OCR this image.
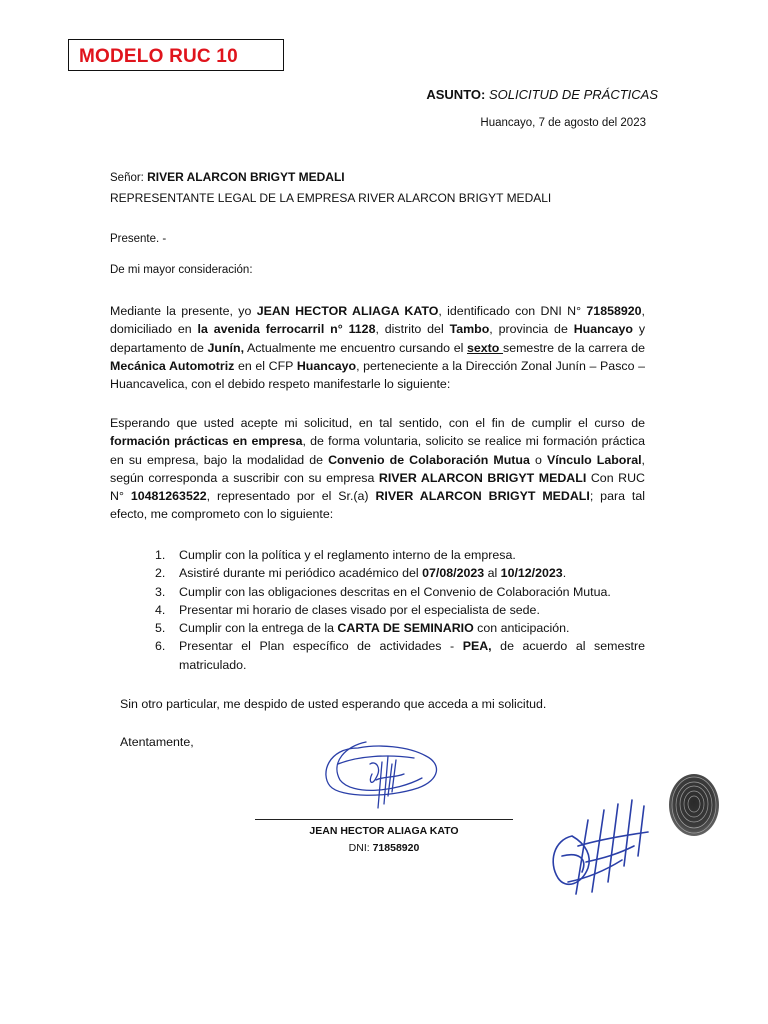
MODELO RUC 10
ASUNTO: SOLICITUD DE PRÁCTICAS
Huancayo, 7 de agosto del 2023
Señor: RIVER ALARCON BRIGYT MEDALI
REPRESENTANTE LEGAL DE LA EMPRESA RIVER ALARCON BRIGYT MEDALI
Presente. -
De mi mayor consideración:
Mediante la presente, yo JEAN HECTOR ALIAGA KATO, identificado con DNI N° 71858920, domiciliado en la avenida ferrocarril n° 1128, distrito del Tambo, provincia de Huancayo y departamento de Junín, Actualmente me encuentro cursando el sexto semestre de la carrera de Mecánica Automotriz en el CFP Huancayo, perteneciente a la Dirección Zonal Junín – Pasco – Huancavelica, con el debido respeto manifestarle lo siguiente:
Esperando que usted acepte mi solicitud, en tal sentido, con el fin de cumplir el curso de formación prácticas en empresa, de forma voluntaria, solicito se realice mi formación práctica en su empresa, bajo la modalidad de Convenio de Colaboración Mutua o Vínculo Laboral, según corresponda a suscribir con su empresa RIVER ALARCON BRIGYT MEDALI Con RUC N° 10481263522, representado por el Sr.(a) RIVER ALARCON BRIGYT MEDALI; para tal efecto, me comprometo con lo siguiente:
1. Cumplir con la política y el reglamento interno de la empresa.
2. Asistiré durante mi periódico académico del 07/08/2023 al 10/12/2023.
3. Cumplir con las obligaciones descritas en el Convenio de Colaboración Mutua.
4. Presentar mi horario de clases visado por el especialista de sede.
5. Cumplir con la entrega de la CARTA DE SEMINARIO con anticipación.
6. Presentar el Plan específico de actividades - PEA, de acuerdo al semestre matriculado.
Sin otro particular, me despido de usted esperando que acceda a mi solicitud.
Atentamente,
JEAN HECTOR ALIAGA KATO
DNI: 71858920
